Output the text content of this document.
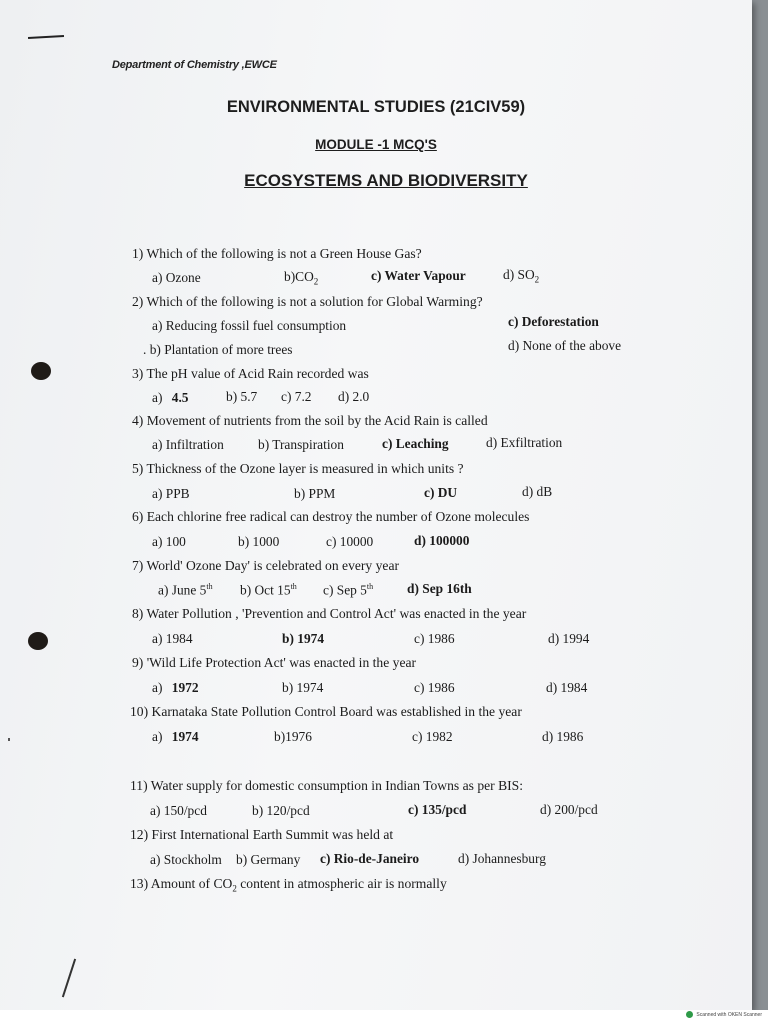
Department of Chemistry ,EWCE
ENVIRONMENTAL STUDIES (21CIV59)
MODULE -1 MCQ'S
ECOSYSTEMS AND BIODIVERSITY
1) Which of the following is not a Green House Gas?
a) Ozone	$b)CO_2$	c) Water Vapour	d) $SO_2$
2) Which of the following is not a solution for Global Warming?
a) Reducing fossil fuel consumption	c) Deforestation
. b) Plantation of more trees	d) None of the above
3) The pH value of Acid Rain recorded was
a) 4.5	b) 5.7 c) 7.2 d) 2.0
4) Movement of nutrients from the soil by the Acid Rain is called
a) Infiltration	b) Transpiration	c) Leaching	d) Exfiltration
5) Thickness of the Ozone layer is measured in which units ?
a) PPB	b) PPM	c) DU	d) dB
6) Each chlorine free radical can destroy the number of Ozone molecules
a) 100	b) 1000	c) 10000	d) 100000
7) World' Ozone Day' is celebrated on every year
a) June 5th b) Oct 15th c) Sep 5th	d) Sep 16th
8) Water Pollution , 'Prevention and Control Act' was enacted in the year
a) 1984	b) 1974	c) 1986	d) 1994
9) 'Wild Life Protection Act' was enacted in the year
a) 1972	b) 1974	c) 1986	d) 1984
10) Karnataka State Pollution Control Board was established in the year
a) 1974	b)1976	c) 1982	d) 1986
11) Water supply for domestic consumption in Indian Towns as per BIS:
a) 150/pcd	b) 120/pcd	c) 135/pcd	d) 200/pcd
12) First International Earth Summit was held at
a) Stockholm b) Germany c) Rio-de-Janeiro	d) Johannesburg
13) Amount of $CO_2$ content in atmospheric air is normally
Scanned with OKEN Scanner
